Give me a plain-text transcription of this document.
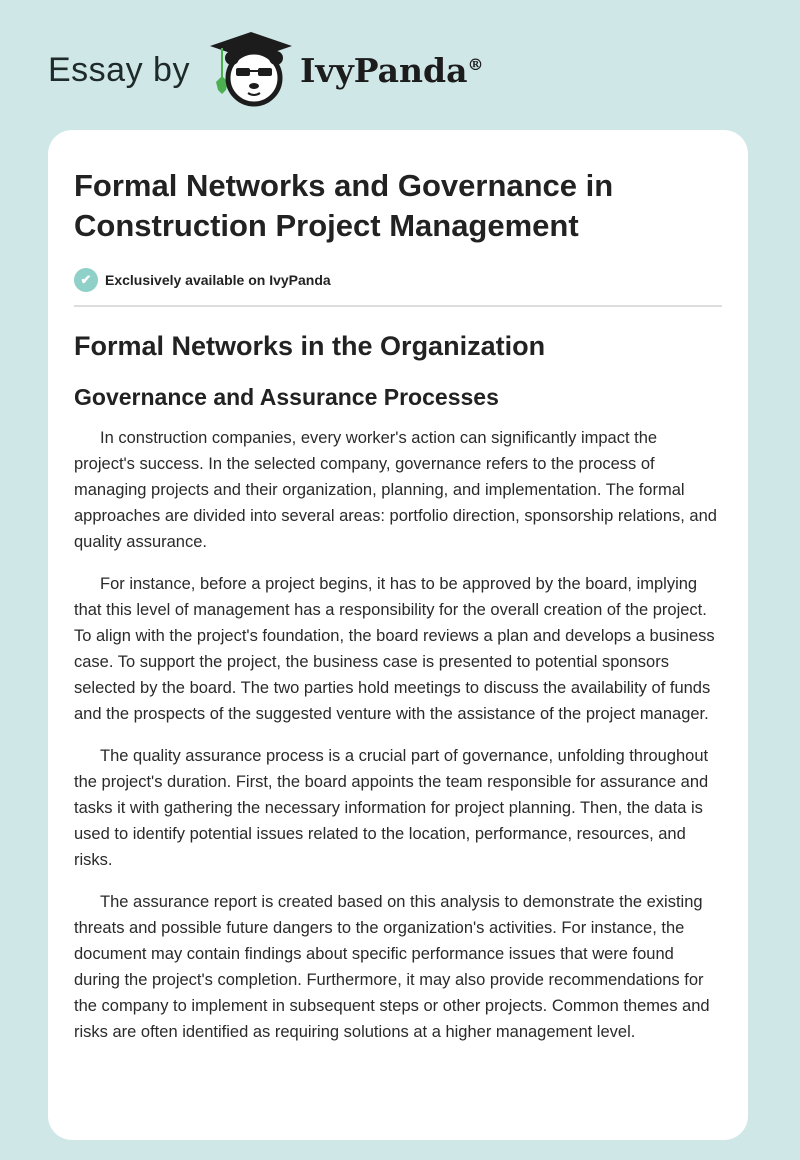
Essay by	IvyPanda®
Formal Networks and Governance in Construction Project Management
✔ Exclusively available on IvyPanda
Formal Networks in the Organization
Governance and Assurance Processes

In construction companies, every worker's action can significantly impact the project's success. In the selected company, governance refers to the process of managing projects and their organization, planning, and implementation. The formal approaches are divided into several areas: portfolio direction, sponsorship relations, and quality assurance.

For instance, before a project begins, it has to be approved by the board, implying that this level of management has a responsibility for the overall creation of the project. To align with the project's foundation, the board reviews a plan and develops a business case. To support the project, the business case is presented to potential sponsors selected by the board. The two parties hold meetings to discuss the availability of funds and the prospects of the suggested venture with the assistance of the project manager.

The quality assurance process is a crucial part of governance, unfolding throughout the project's duration. First, the board appoints the team responsible for assurance and tasks it with gathering the necessary information for project planning. Then, the data is used to identify potential issues related to the location, performance, resources, and risks.

The assurance report is created based on this analysis to demonstrate the existing threats and possible future dangers to the organization's activities. For instance, the document may contain findings about specific performance issues that were found during the project's completion. Furthermore, it may also provide recommendations for the company to implement in subsequent steps or other projects. Common themes and risks are often identified as requiring solutions at a higher management level.
